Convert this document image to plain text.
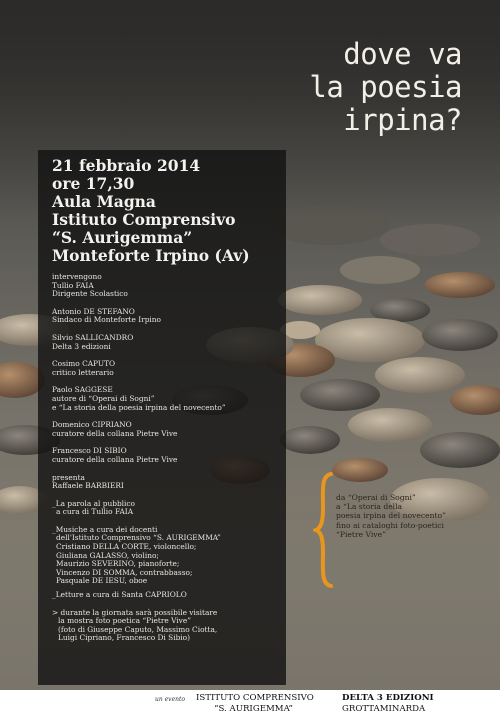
dove va
la poesia
irpina?
21 febbraio 2014
ore 17,30
Aula Magna
Istituto Comprensivo
“S. Aurigemma”
Monteforte Irpino (Av)
intervengono
Tullio FAIA
Dirigente Scolastico
Antonio DE STEFANO
Sindaco di Monteforte Irpino
Silvio SALLICANDRO
Delta 3 edizioni
Cosimo CAPUTO
critico letterario
Paolo SAGGESE
autore di “Operai di Sogni”
e “La storia della poesia irpina del novecento”
Domenico CIPRIANO
curatore della collana Pietre Vive
Francesco DI SIBIO
curatore della collana Pietre Vive
presenta
Raffaele BARBIERI
_La parola al pubblico
a cura di Tullio FAIA
_Musiche a cura dei docenti
dell'Istituto Comprensivo “S. AURIGEMMA”
Cristiano DELLA CORTE, violoncello;
Giuliana GALASSO, violino;
Maurizio SEVERINO, pianoforte;
Vincenzo DI SOMMA, contrabbasso;
Pasquale DE IESU, oboe
_Letture a cura di Santa CAPRIOLO
> durante la giornata sarà possibile visitare
la mostra foto poetica “Pietre Vive”
(foto di Giuseppe Caputo, Massimo Ciotta,
Luigi Cipriano, Francesco Di Sibio)
da “Operai di Sogni”
a “La storia della
poesia irpina del novecento”
fino ai cataloghi foto-poetici
“Pietre Vive”
un evento ISTITUTO COMPRENSIVO
“S. AURIGEMMA”
DELTA 3 EDIZIONI
GROTTAMINARDA
